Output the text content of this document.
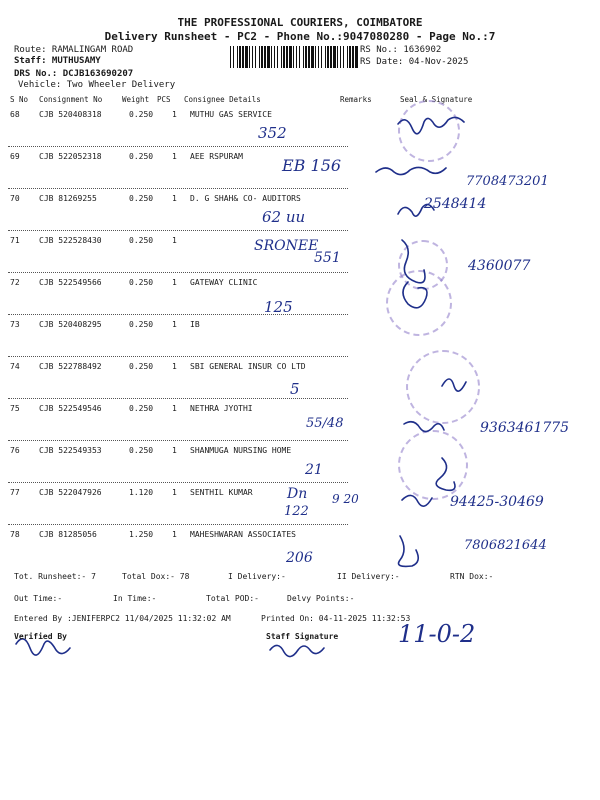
THE PROFESSIONAL COURIERS, COIMBATORE
Delivery Runsheet - PC2 - Phone No.:9047080280 - Page No.:7
Route: RAMALINGAM ROAD
Staff: MUTHUSAMY
DRS No.: DCJB163690207
Vehicle: Two Wheeler Delivery
RS No.: 1636902
RS Date: 04-Nov-2025
S No Consignment No	Weight PCS Consignee Details	Remarks	Seal & Signature
68 CJB 520408318	0.250 1 MUTHU GAS SERVICE
69 CJB 522052318	0.250 1 AEE RSPURAM
70 CJB 81269255	0.250 1 D. G SHAH& CO- AUDITORS
71 CJB 522528430	0.250 1
72 CJB 522549566	0.250 1 GATEWAY CLINIC
73 CJB 520408295	0.250 1 IB
74 CJB 522788492	0.250 1 SBI GENERAL INSUR CO LTD
75 CJB 522549546	0.250 1 NETHRA JYOTHI
76 CJB 522549353	0.250 1 SHANMUGA NURSING HOME
77 CJB 522047926	1.120 1 SENTHIL KUMAR
78 CJB 81285056	1.250 1 MAHESHWARAN ASSOCIATES
352
EB 156
7708473201
62 ии
2548414
SRONEE
551	4360077
125
5
55/48	9363461775
21
Dn
122
9 20	94425-30469
206
7806821644
11-0-2
Tot. Runsheet:- 7	Total Dox:- 78	I Delivery:-	II Delivery:-	RTN Dox:-
Out Time:-	In Time:-	Total POD:-	Delvy Points:-
Entered By :JENIFERPC2 11/04/2025 11:32:02 AM	Printed On: 04-11-2025 11:32:53
Verified By	Staff Signature
